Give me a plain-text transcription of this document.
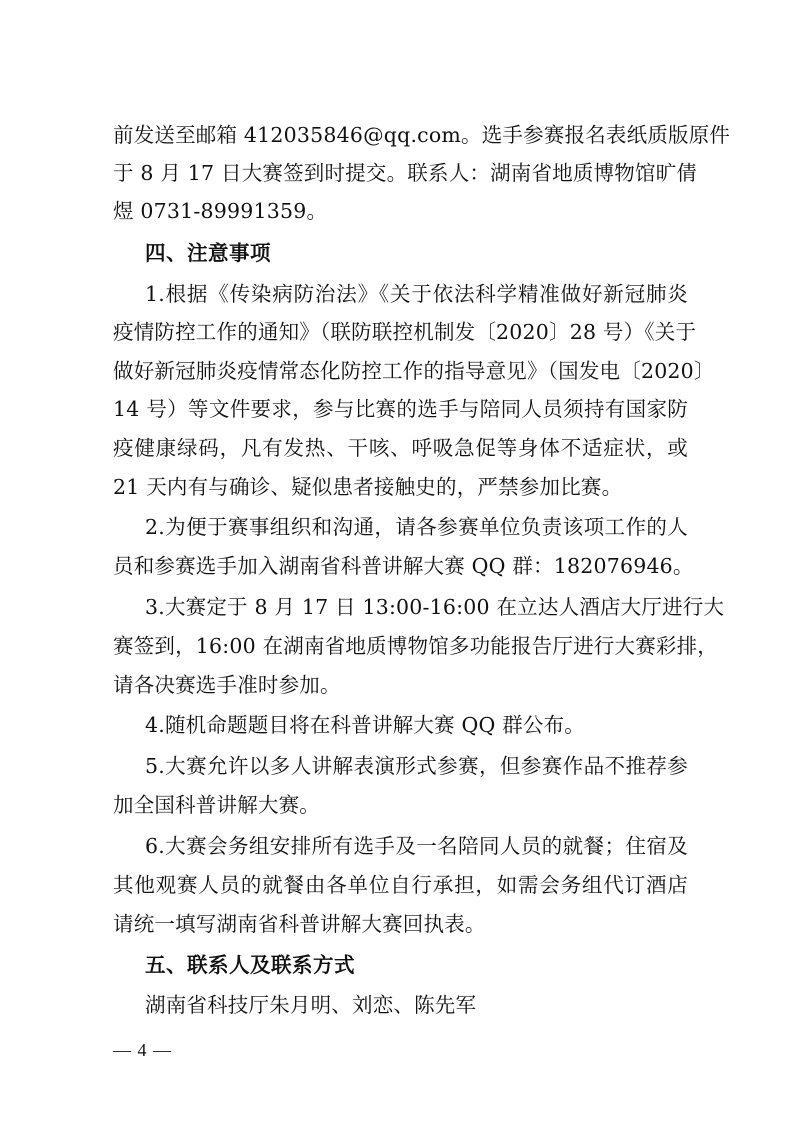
前发送至邮箱 412035846@qq.com。选手参赛报名表纸质版原件
于 8 月 17 日大赛签到时提交。联系人：湖南省地质博物馆旷倩
煜 0731-89991359。
四、注意事项
1.根据《传染病防治法》《关于依法科学精准做好新冠肺炎
疫情防控工作的通知》（联防联控机制发〔2020〕28 号）《关于
做好新冠肺炎疫情常态化防控工作的指导意见》（国发电〔2020〕
14 号）等文件要求，参与比赛的选手与陪同人员须持有国家防
疫健康绿码，凡有发热、干咳、呼吸急促等身体不适症状，或
21 天内有与确诊、疑似患者接触史的，严禁参加比赛。
2.为便于赛事组织和沟通，请各参赛单位负责该项工作的人
员和参赛选手加入湖南省科普讲解大赛 QQ 群：182076946。
3.大赛定于 8 月 17 日 13:00-16:00 在立达人酒店大厅进行大
赛签到，16:00 在湖南省地质博物馆多功能报告厅进行大赛彩排，
请各决赛选手准时参加。
4.随机命题题目将在科普讲解大赛 QQ 群公布。
5.大赛允许以多人讲解表演形式参赛，但参赛作品不推荐参
加全国科普讲解大赛。
6.大赛会务组安排所有选手及一名陪同人员的就餐；住宿及
其他观赛人员的就餐由各单位自行承担，如需会务组代订酒店
请统一填写湖南省科普讲解大赛回执表。
五、联系人及联系方式
湖南省科技厅朱月明、刘恋、陈先军
— 4 —
